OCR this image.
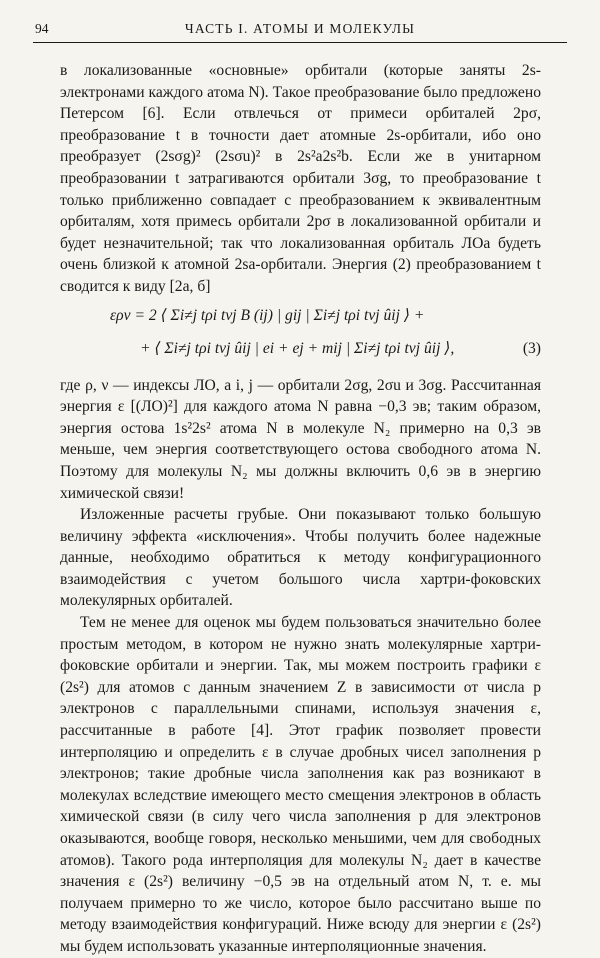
94	ЧАСТЬ I. АТОМЫ И МОЛЕКУЛЫ

в локализованные «основные» орбитали (которые заняты 2s-электронами каждого атома N). Такое преобразование было предложено Петерсом [6]. Если отвлечься от примеси орбиталей 2pσ, преобразование t в точности дает атомные 2s-орбитали, ибо оно преобразует (2sσg)² (2sσu)² в 2s²a2s²b. Если же в унитарном преобразовании t затрагиваются орбитали 3σg, то преобразование t только приближенно совпадает с преобразованием к эквивалентным орбиталям, хотя примесь орбитали 2pσ в локализованной орбитали и будет незначительной; так что локализованная орбиталь ЛОa будеть очень близкой к атомной 2sa-орбитали. Энергия (2) преобразованием t сводится к виду [2а, б]

ερν = 2 ⟨ Σi≠j tρi tνj B (ij) | gij | Σi≠j tρi tνj ûij ⟩ +
+ ⟨ Σi≠j tρi tνj ûij | ei + ej + mij | Σi≠j tρi tνj ûij ⟩,	(3)

где ρ, ν — индексы ЛО, а i, j — орбитали 2σg, 2σu и 3σg. Рассчитанная энергия ε [(ЛО)²] для каждого атома N равна −0,3 эв; таким образом, энергия остова 1s²2s² атома N в молекуле N₂ примерно на 0,3 эв меньше, чем энергия соответствующего остова свободного атома N. Поэтому для молекулы N₂ мы должны включить 0,6 эв в энергию химической связи!

Изложенные расчеты грубые. Они показывают только большую величину эффекта «исключения». Чтобы получить более надежные данные, необходимо обратиться к методу конфигурационного взаимодействия с учетом большого числа хартри-фоковских молекулярных орбиталей.

Тем не менее для оценок мы будем пользоваться значительно более простым методом, в котором не нужно знать молекулярные хартри-фоковские орбитали и энергии. Так, мы можем построить графики ε (2s²) для атомов с данным значением Z в зависимости от числа p электронов с параллельными спинами, используя значения ε, рассчитанные в работе [4]. Этот график позволяет провести интерполяцию и определить ε в случае дробных чисел заполнения p электронов; такие дробные числа заполнения как раз возникают в молекулах вследствие имеющего место смещения электронов в область химической связи (в силу чего числа заполнения p для электронов оказываются, вообще говоря, несколько меньшими, чем для свободных атомов). Такого рода интерполяция для молекулы N₂ дает в качестве значения ε (2s²) величину −0,5 эв на отдельный атом N, т. е. мы получаем примерно то же число, которое было рассчитано выше по методу взаимодействия конфигураций. Ниже всюду для энергии ε (2s²) мы будем использовать указанные интерполяционные значения.
